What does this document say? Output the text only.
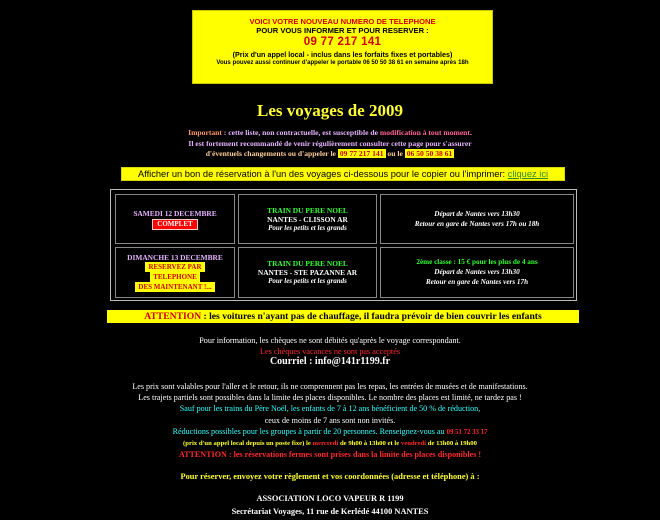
VOICI VOTRE NOUVEAU NUMERO DE TELEPHONE
POUR VOUS INFORMER ET POUR RESERVER :
09 77 217 141
(Prix d'un appel local - inclus dans les forfaits fixes et portables)
Vous pouvez aussi continuer d'appeler le portable 06 50 50 38 61 en semaine après 18h
Les voyages de 2009
Important : cette liste, non contractuelle, est susceptible de modification à tout moment.
Il est fortement recommandé de venir régulièrement consulter cette page pour s'assurer
d'éventuels changements ou d'appeler le 09 77 217 141 ou le 06 50 50 38 61
Afficher un bon de réservation à l'un des voyages ci-dessous pour le copier ou l'imprimer: cliquez ici
SAMEDI 12 DECEMBRE
COMPLET
TRAIN DU PERE NOEL
NANTES - CLISSON AR
Pour les petits et les grands
Départ de Nantes vers 13h30
Retour en gare de Nantes vers 17h ou 18h
DIMANCHE 13 DECEMBRE
RESERVEZ PAR
TELEPHONE
DES MAINTENANT !...
TRAIN DU PERE NOEL
NANTES - STE PAZANNE AR
Pour les petits et les grands
2ème classe : 15 € pour les plus de 4 ans
Départ de Nantes vers 13h30
Retour en gare de Nantes vers 17h
ATTENTION : les voitures n'ayant pas de chauffage, il faudra prévoir de bien couvrir les enfants
Pour information, les chèques ne sont débités qu'après le voyage correspondant.
Les chèques vacances ne sont pas acceptés
Courriel : info@141r1199.fr
Les prix sont valables pour l'aller et le retour, ils ne comprennent pas les repas, les entrées de musées et de manifestations.
Les trajets partiels sont possibles dans la limite des places disponibles. Le nombre des places est limité, ne tardez pas !
Sauf pour les trains du Père Noël, les enfants de 7 à 12 ans bénéficient de 50 % de réduction,
ceux de moins de 7 ans sont non invités.
Réductions possibles pour les groupes à partir de 20 personnes. Renseignez-vous au 09 51 72 33 17
(prix d'un appel local depuis un poste fixe) le mercredi de 9h00 à 13h00 et le vendredi de 13h00 à 19h00
ATTENTION : les réservations fermes sont prises dans la limite des places disponibles !
Pour réserver, envoyez votre règlement et vos coordonnées (adresse et téléphone) à :
ASSOCIATION LOCO VAPEUR R 1199
Secrétariat Voyages, 11 rue de Kerlédé 44100 NANTES
